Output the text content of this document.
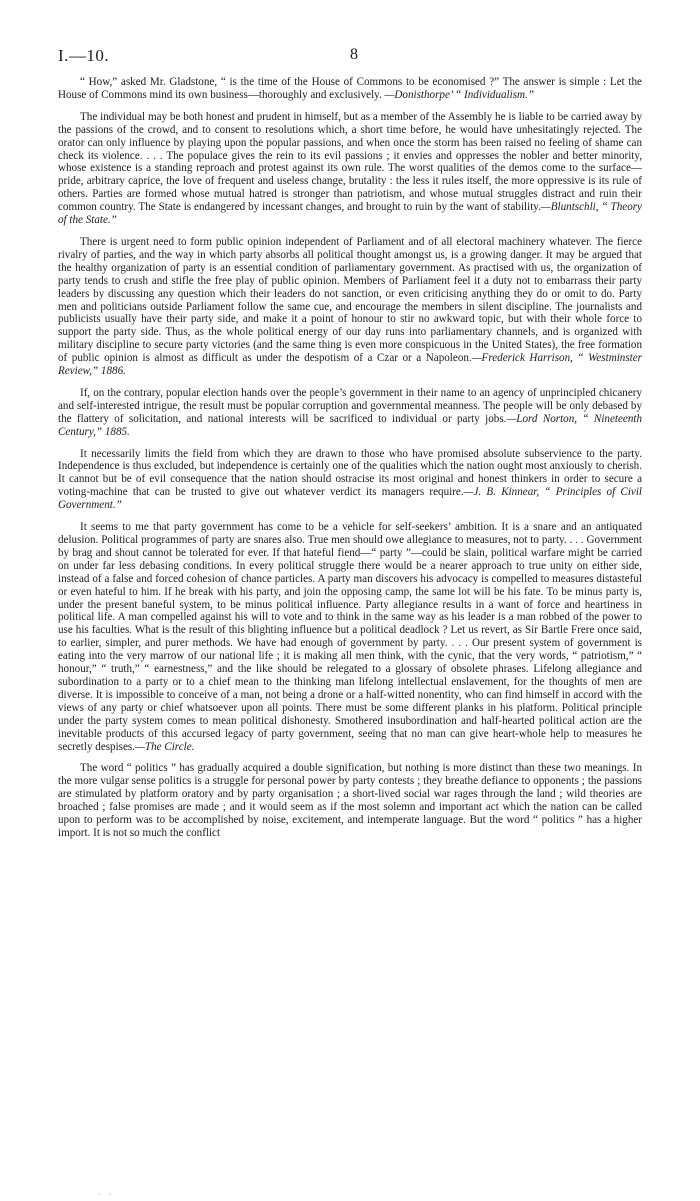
I.—10.	8

“ How,” asked Mr. Gladstone, “ is the time of the House of Commons to be economised ?” The answer is simple : Let the House of Commons mind its own business—thoroughly and exclusively. —Donisthorpe’ “ Individualism.”

The individual may be both honest and prudent in himself, but as a member of the Assembly he is liable to be carried away by the passions of the crowd, and to consent to resolutions which, a short time before, he would have unhesitatingly rejected. The orator can only influence by playing upon the popular passions, and when once the storm has been raised no feeling of shame can check its violence. . . . The populace gives the rein to its evil passions ; it envies and oppresses the nobler and better minority, whose existence is a standing reproach and protest against its own rule. The worst qualities of the demos come to the surface—pride, arbitrary caprice, the love of frequent and useless change, brutality : the less it rules itself, the more oppressive is its rule of others. Parties are formed whose mutual hatred is stronger than patriotism, and whose mutual struggles distract and ruin their common country. The State is endangered by incessant changes, and brought to ruin by the want of stability.—Bluntschli, “ Theory of the State.”

There is urgent need to form public opinion independent of Parliament and of all electoral machinery whatever. The fierce rivalry of parties, and the way in which party absorbs all political thought amongst us, is a growing danger. It may be argued that the healthy organization of party is an essential condition of parliamentary government. As practised with us, the organization of party tends to crush and stifle the free play of public opinion. Members of Parliament feel it a duty not to embarrass their party leaders by discussing any question which their leaders do not sanction, or even criticising anything they do or omit to do. Party men and politicians outside Parliament follow the same cue, and encourage the members in silent discipline. The journalists and publicists usually have their party side, and make it a point of honour to stir no awkward topic, but with their whole force to support the party side. Thus, as the whole political energy of our day runs into parliamentary channels, and is organized with military discipline to secure party victories (and the same thing is even more conspicuous in the United States), the free formation of public opinion is almost as difficult as under the despotism of a Czar or a Napoleon.—Frederick Harrison, “ Westminster Review,” 1886.

If, on the contrary, popular election hands over the people’s government in their name to an agency of unprincipled chicanery and self-interested intrigue, the result must be popular corruption and governmental meanness. The people will be only debased by the flattery of solicitation, and national interests will be sacrificed to individual or party jobs.—Lord Norton, “ Nineteenth Century,” 1885.

It necessarily limits the field from which they are drawn to those who have promised absolute subservience to the party. Independence is thus excluded, but independence is certainly one of the qualities which the nation ought most anxiously to cherish. It cannot but be of evil consequence that the nation should ostracise its most original and honest thinkers in order to secure a voting-machine that can be trusted to give out whatever verdict its managers require.—J. B. Kinnear, “ Principles of Civil Government.”

It seems to me that party government has come to be a vehicle for self-seekers’ ambition. It is a snare and an antiquated delusion. Political programmes of party are snares also. True men should owe allegiance to measures, not to party. . . . Government by brag and shout cannot be tolerated for ever. If that hateful fiend—“ party ”—could be slain, political warfare might be carried on under far less debasing conditions. In every political struggle there would be a nearer approach to true unity on either side, instead of a false and forced cohesion of chance particles. A party man discovers his advocacy is compelled to measures distasteful or even hateful to him. If he break with his party, and join the opposing camp, the same lot will be his fate. To be minus party is, under the present baneful system, to be minus political influence. Party allegiance results in a want of force and heartiness in political life. A man compelled against his will to vote and to think in the same way as his leader is a man robbed of the power to use his faculties. What is the result of this blighting influence but a political deadlock ? Let us revert, as Sir Bartle Frere once said, to earlier, simpler, and purer methods. We have had enough of government by party. . . . Our present system of government is eating into the very marrow of our national life ; it is making all men think, with the cynic, that the very words, “ patriotism,” “ honour,” “ truth,” “ earnestness,” and the like should be relegated to a glossary of obsolete phrases. Lifelong allegiance and subordination to a party or to a chief mean to the thinking man lifelong intellectual enslavement, for the thoughts of men are diverse. It is impossible to conceive of a man, not being a drone or a half-witted nonentity, who can find himself in accord with the views of any party or chief whatsoever upon all points. There must be some different planks in his platform. Political principle under the party system comes to mean political dishonesty. Smothered insubordination and half-hearted political action are the inevitable products of this accursed legacy of party government, seeing that no man can give heart-whole help to measures he secretly despises.—The Circle.

The word “ politics ” has gradually acquired a double signification, but nothing is more distinct than these two meanings. In the more vulgar sense politics is a struggle for personal power by party contests ; they breathe defiance to opponents ; the passions are stimulated by platform oratory and by party organisation ; a short-lived social war rages through the land ; wild theories are broached ; false promises are made ; and it would seem as if the most solemn and important act which the nation can be called upon to perform was to be accomplished by noise, excitement, and intemperate language. But the word “ politics ” has a higher import. It is not so much the conflict

· ·
